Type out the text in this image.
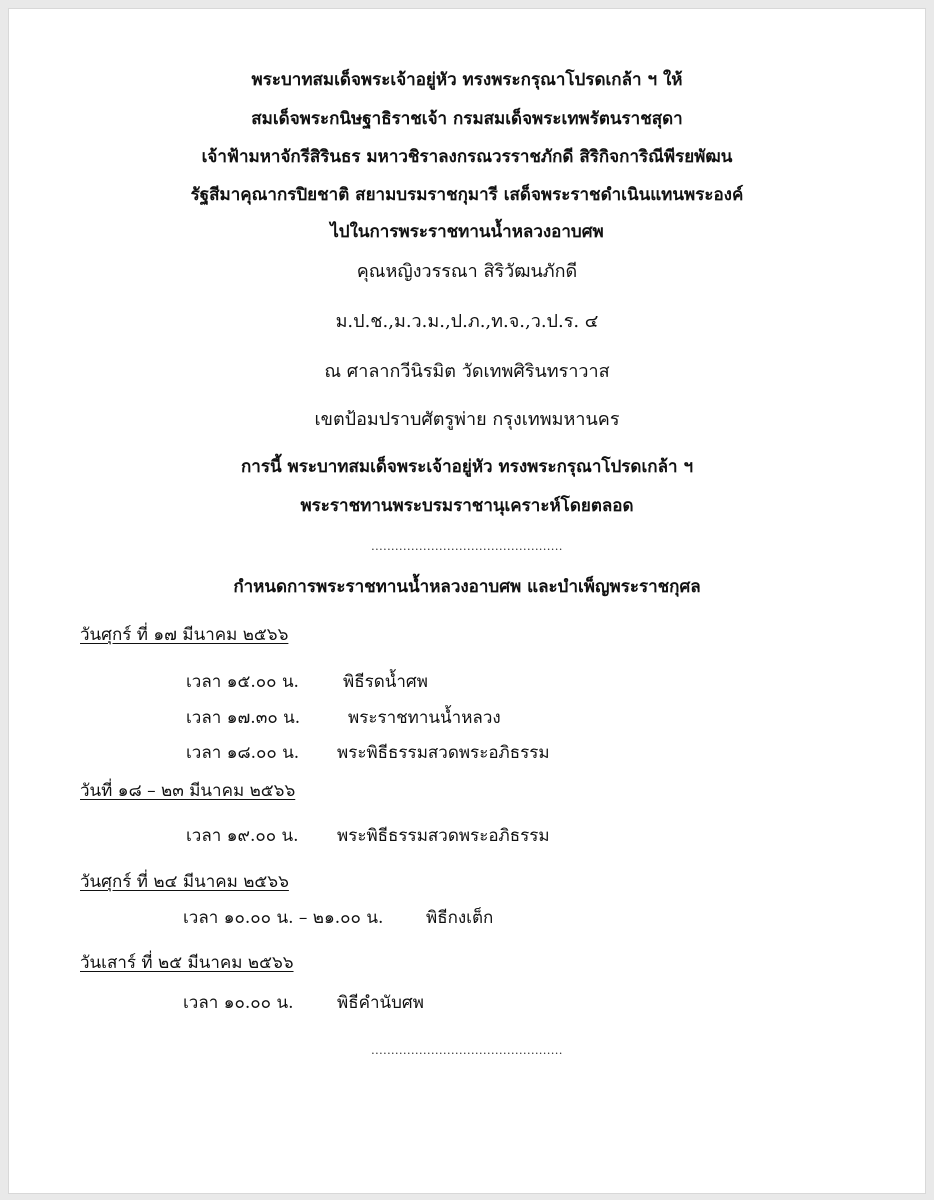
พระบาทสมเด็จพระเจ้าอยู่หัว ทรงพระกรุณาโปรดเกล้า ฯ ให้
สมเด็จพระกนิษฐาธิราชเจ้า กรมสมเด็จพระเทพรัตนราชสุดา
เจ้าฟ้ามหาจักรีสิรินธร มหาวชิราลงกรณวรราชภักดี สิริกิจการิณีพีรยพัฒน
รัฐสีมาคุณากรปิยชาติ สยามบรมราชกุมารี เสด็จพระราชดำเนินแทนพระองค์
ไปในการพระราชทานน้ำหลวงอาบศพ
คุณหญิงวรรณา สิริวัฒนภักดี
ม.ป.ช.,ม.ว.ม.,ป.ภ.,ท.จ.,ว.ป.ร. ๔
ณ ศาลากวีนิรมิต วัดเทพศิรินทราวาส
เขตป้อมปราบศัตรูพ่าย กรุงเทพมหานคร
การนี้ พระบาทสมเด็จพระเจ้าอยู่หัว ทรงพระกรุณาโปรดเกล้า ฯ
พระราชทานพระบรมราชานุเคราะห์โดยตลอด
................................................
กำหนดการพระราชทานน้ำหลวงอาบศพ และบำเพ็ญพระราชกุศล
วันศุกร์ ที่ ๑๗ มีนาคม ๒๕๖๖
เวลา ๑๕.๐๐ น.	พิธีรดน้ำศพ
เวลา ๑๗.๓๐ น.	พระราชทานน้ำหลวง
เวลา ๑๘.๐๐ น. พระพิธีธรรมสวดพระอภิธรรม
วันที่ ๑๘ – ๒๓ มีนาคม ๒๕๖๖
เวลา ๑๙.๐๐ น. พระพิธีธรรมสวดพระอภิธรรม
วันศุกร์ ที่ ๒๔ มีนาคม ๒๕๖๖
เวลา ๑๐.๐๐ น. – ๒๑.๐๐ น.	พิธีกงเต็ก
วันเสาร์ ที่ ๒๕ มีนาคม ๒๕๖๖
เวลา ๑๐.๐๐ น.	พิธีคำนับศพ
................................................
